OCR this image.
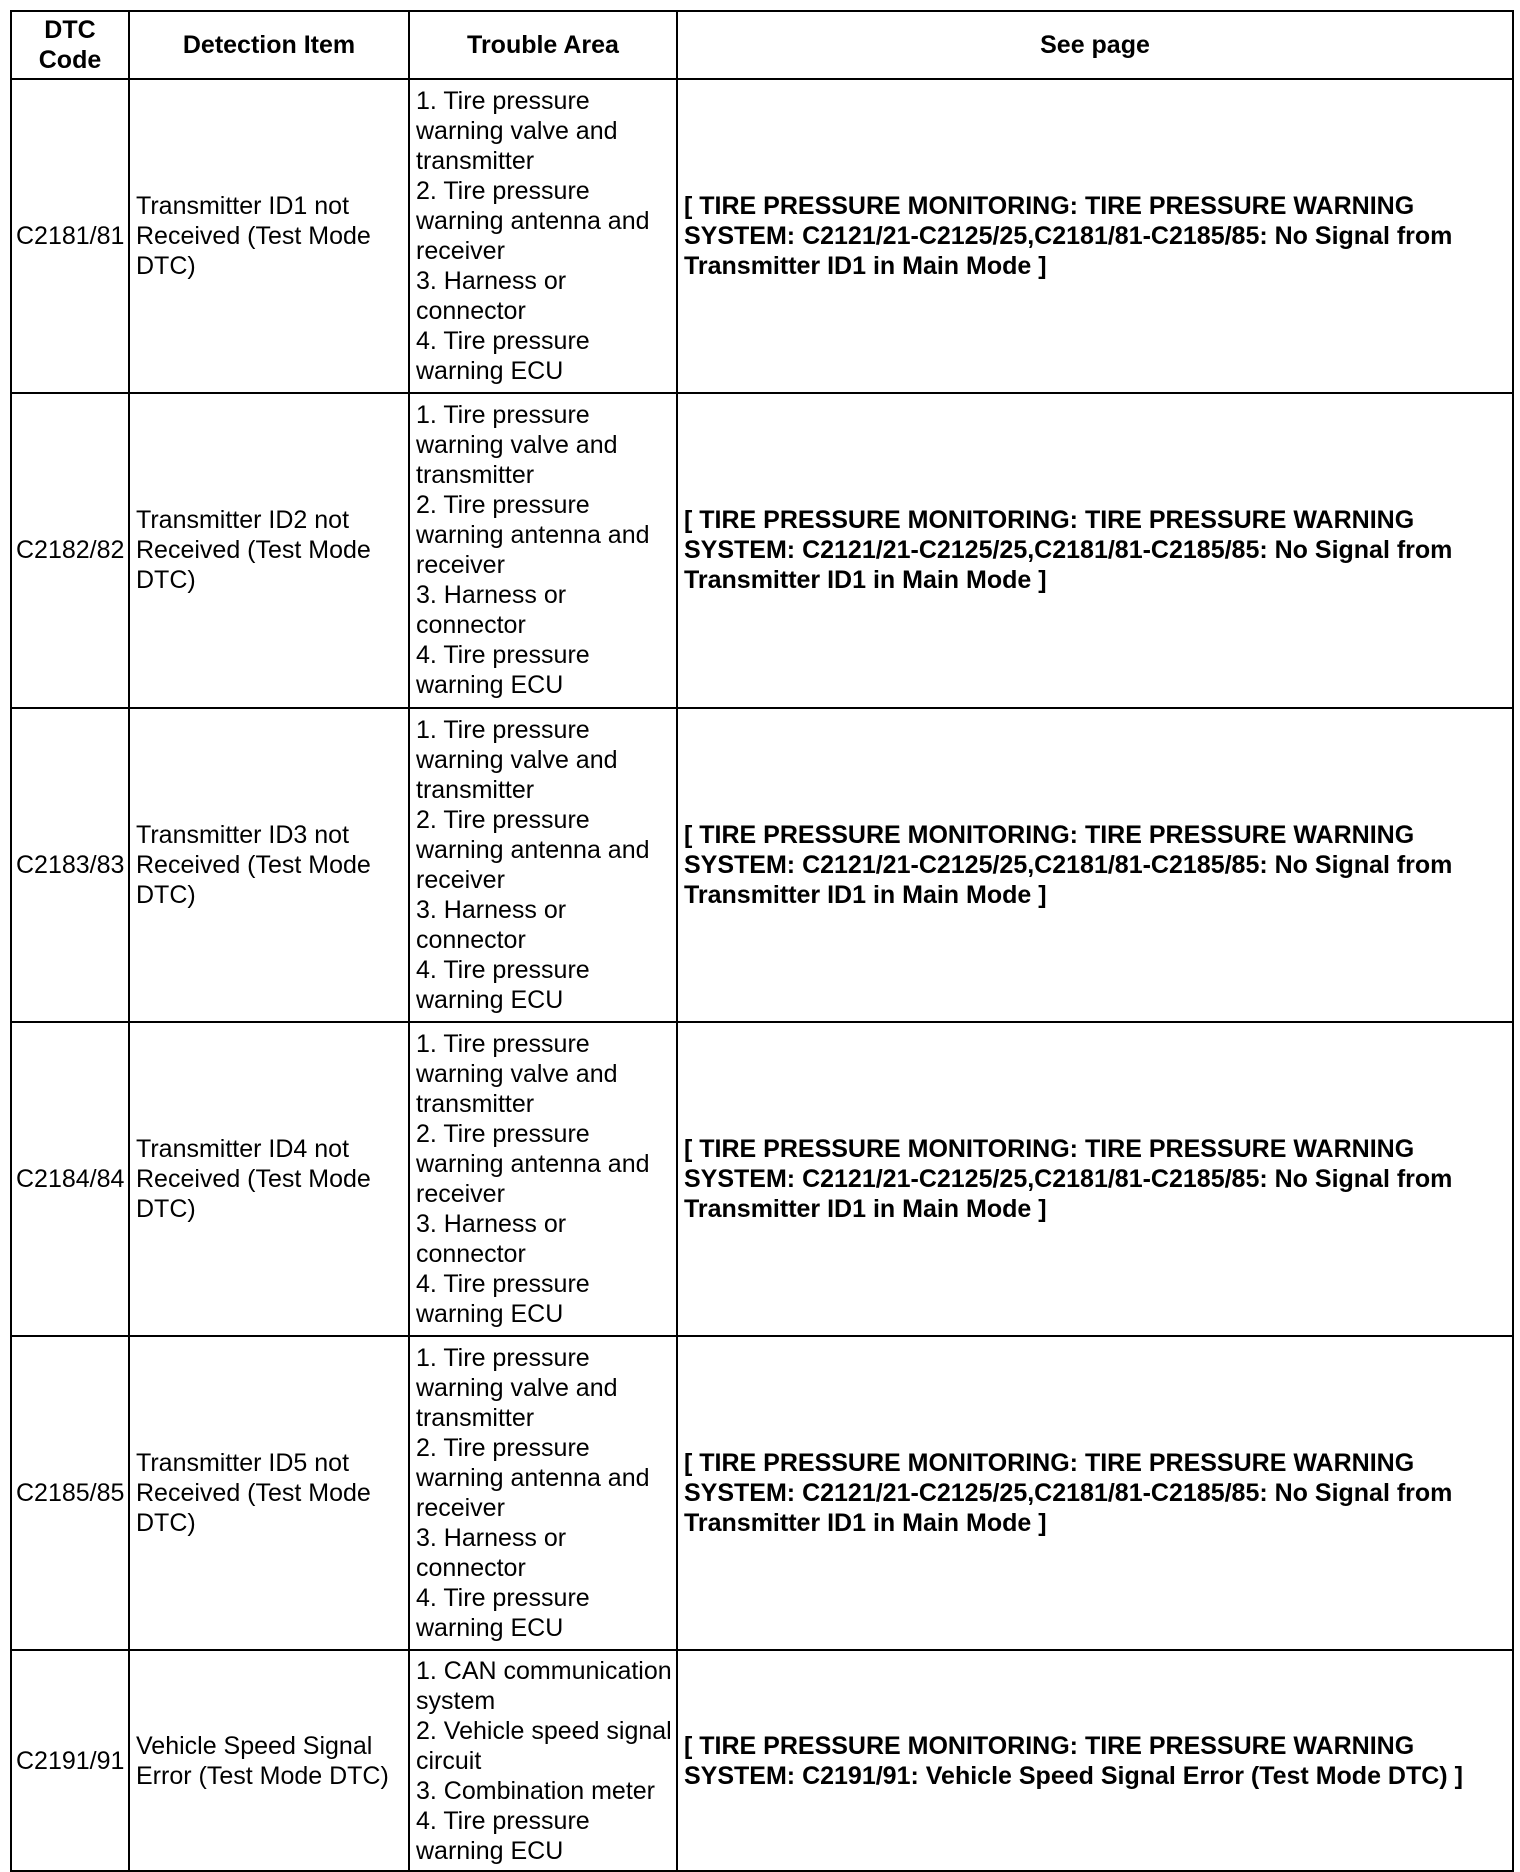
DTC Code	Detection Item	Trouble Area	See page
C2181/81	Transmitter ID1 not Received (Test Mode DTC)	1. Tire pressure warning valve and transmitter
2. Tire pressure warning antenna and receiver
3. Harness or connector
4. Tire pressure warning ECU	[ TIRE PRESSURE MONITORING: TIRE PRESSURE WARNING SYSTEM: C2121/21-C2125/25,C2181/81-C2185/85: No Signal from Transmitter ID1 in Main Mode ]
C2182/82	Transmitter ID2 not Received (Test Mode DTC)	1. Tire pressure warning valve and transmitter
2. Tire pressure warning antenna and receiver
3. Harness or connector
4. Tire pressure warning ECU	[ TIRE PRESSURE MONITORING: TIRE PRESSURE WARNING SYSTEM: C2121/21-C2125/25,C2181/81-C2185/85: No Signal from Transmitter ID1 in Main Mode ]
C2183/83	Transmitter ID3 not Received (Test Mode DTC)	1. Tire pressure warning valve and transmitter
2. Tire pressure warning antenna and receiver
3. Harness or connector
4. Tire pressure warning ECU	[ TIRE PRESSURE MONITORING: TIRE PRESSURE WARNING SYSTEM: C2121/21-C2125/25,C2181/81-C2185/85: No Signal from Transmitter ID1 in Main Mode ]
C2184/84	Transmitter ID4 not Received (Test Mode DTC)	1. Tire pressure warning valve and transmitter
2. Tire pressure warning antenna and receiver
3. Harness or connector
4. Tire pressure warning ECU	[ TIRE PRESSURE MONITORING: TIRE PRESSURE WARNING SYSTEM: C2121/21-C2125/25,C2181/81-C2185/85: No Signal from Transmitter ID1 in Main Mode ]
C2185/85	Transmitter ID5 not Received (Test Mode DTC)	1. Tire pressure warning valve and transmitter
2. Tire pressure warning antenna and receiver
3. Harness or connector
4. Tire pressure warning ECU	[ TIRE PRESSURE MONITORING: TIRE PRESSURE WARNING SYSTEM: C2121/21-C2125/25,C2181/81-C2185/85: No Signal from Transmitter ID1 in Main Mode ]
C2191/91	Vehicle Speed Signal Error (Test Mode DTC)	1. CAN communication system
2. Vehicle speed signal circuit
3. Combination meter
4. Tire pressure warning ECU	[ TIRE PRESSURE MONITORING: TIRE PRESSURE WARNING SYSTEM: C2191/91: Vehicle Speed Signal Error (Test Mode DTC) ]
